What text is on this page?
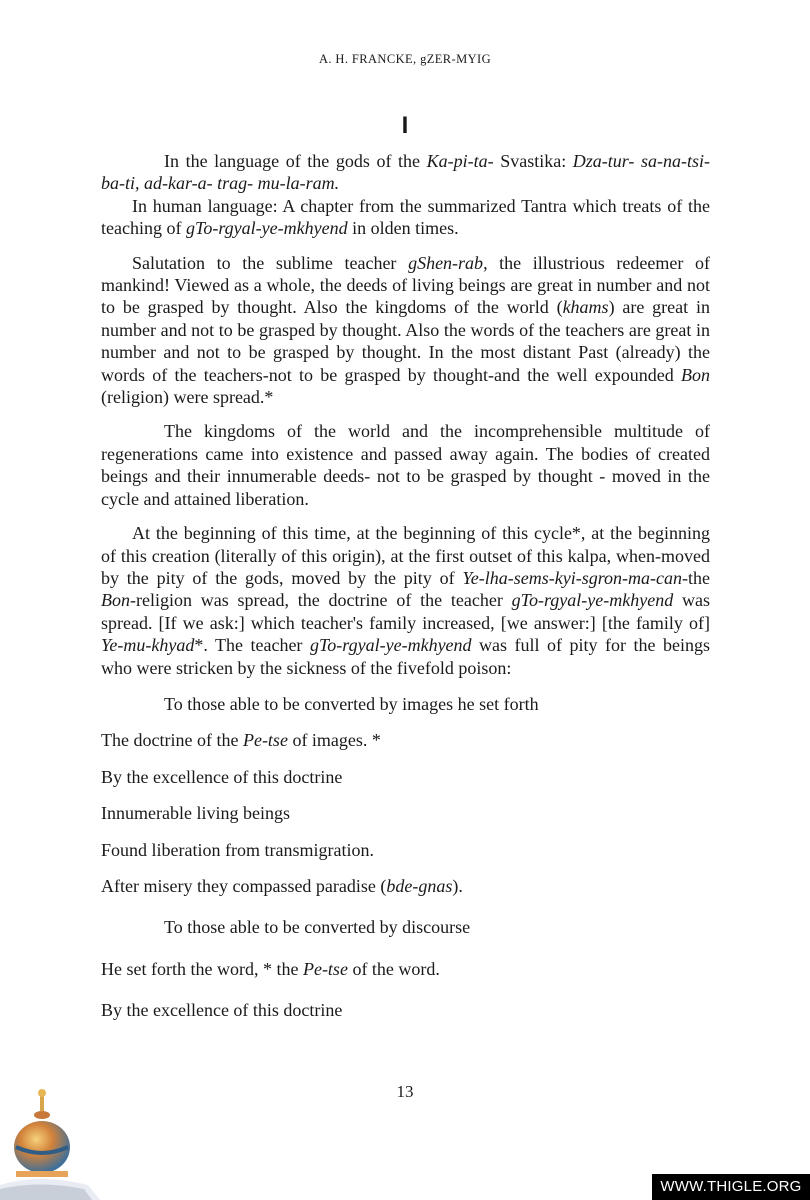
A. H. FRANCKE, gZER-MYIG
I

In the language of the gods of the Ka-pi-ta- Svastika: Dza-tur- sa-na-tsi-ba-ti, ad-kar-a- trag- mu-la-ram.

In human language: A chapter from the summarized Tantra which treats of the teaching of gTo-rgyal-ye-mkhyend in olden times.

Salutation to the sublime teacher gShen-rab, the illustrious redeemer of mankind! Viewed as a whole, the deeds of living beings are great in number and not to be grasped by thought. Also the kingdoms of the world (khams) are great in number and not to be grasped by thought. Also the words of the teachers are great in number and not to be grasped by thought. In the most distant Past (already) the words of the teachers-not to be grasped by thought-and the well expounded Bon (religion) were spread.*

The kingdoms of the world and the incomprehensible multitude of regenerations came into existence and passed away again. The bodies of created beings and their innumerable deeds- not to be grasped by thought - moved in the cycle and attained liberation.

At the beginning of this time, at the beginning of this cycle*, at the beginning of this creation (literally of this origin), at the first outset of this kalpa, when-moved by the pity of the gods, moved by the pity of Ye-lha-sems-kyi-sgron-ma-can-the Bon-religion was spread, the doctrine of the teacher gTo-rgyal-ye-mkhyend was spread. [If we ask:] which teacher's family increased, [we answer:] [the family of] Ye-mu-khyad*. The teacher gTo-rgyal-ye-mkhyend was full of pity for the beings who were stricken by the sickness of the fivefold poison:

To those able to be converted by images he set forth

The doctrine of the Pe-tse of images. *

By the excellence of this doctrine

Innumerable living beings

Found liberation from transmigration.

After misery they compassed paradise (bde-gnas).

To those able to be converted by discourse

He set forth the word, * the Pe-tse of the word.

By the excellence of this doctrine

13
WWW.THIGLE.ORG
